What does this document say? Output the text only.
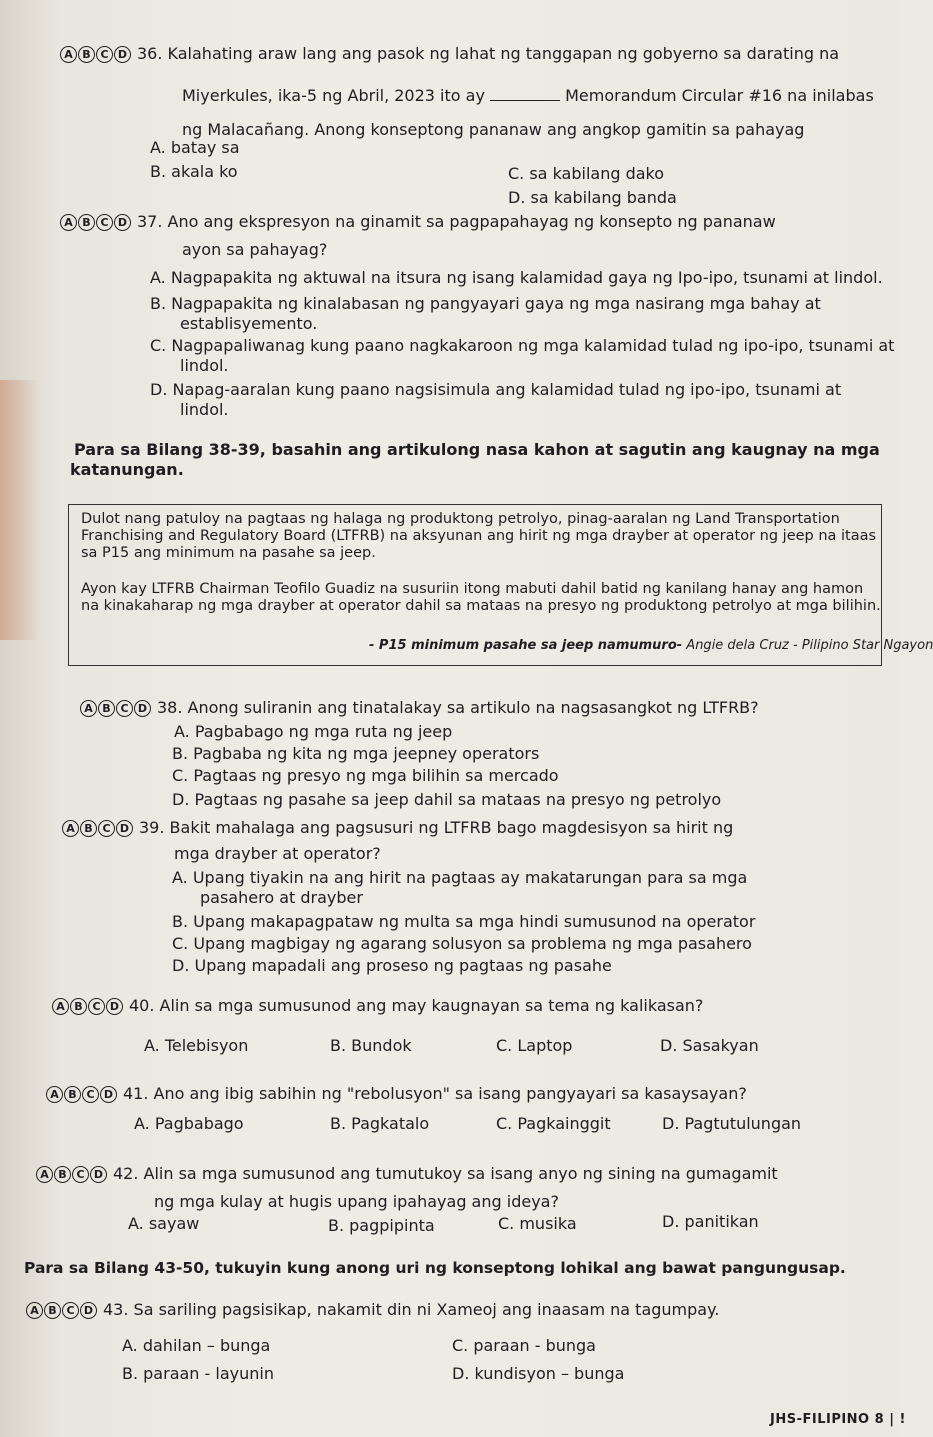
A B C D 36. Kalahating araw lang ang pasok ng lahat ng tanggapan ng gobyerno sa darating na
Miyerkules, ika-5 ng Abril, 2023 ito ay	Memorandum Circular #16 na inilabas
ng Malacañang. Anong konseptong pananaw ang angkop gamitin sa pahayag
A. batay sa
B. akala ko	C. sa kabilang dako
D. sa kabilang banda
A B C D 37. Ano ang ekspresyon na ginamit sa pagpapahayag ng konsepto ng pananaw
ayon sa pahayag?
A. Nagpapakita ng aktuwal na itsura ng isang kalamidad gaya ng Ipo-ipo, tsunami at lindol.
B. Nagpapakita ng kinalabasan ng pangyayari gaya ng mga nasirang mga bahay at
establisyemento.
C. Nagpapaliwanag kung paano nagkakaroon ng mga kalamidad tulad ng ipo-ipo, tsunami at
lindol.
D. Napag-aaralan kung paano nagsisimula ang kalamidad tulad ng ipo-ipo, tsunami at
lindol.
Para sa Bilang 38-39, basahin ang artikulong nasa kahon at sagutin ang kaugnay na mga
katanungan.

Dulot nang patuloy na pagtaas ng halaga ng produktong petrolyo, pinag-aaralan ng Land Transportation

Franchising and Regulatory Board (LTFRB) na aksyunan ang hirit ng mga drayber at operator ng jeep na itaas

sa P15 ang minimum na pasahe sa jeep.

Ayon kay LTFRB Chairman Teofilo Guadiz na susuriin itong mabuti dahil batid ng kanilang hanay ang hamon

na kinakaharap ng mga drayber at operator dahil sa mataas na presyo ng produktong petrolyo at mga bilihin.

- P15 minimum pasahe sa jeep namumuro- Angie dela Cruz - Pilipino Star Ngayon

A B C D 38. Anong suliranin ang tinatalakay sa artikulo na nagsasangkot ng LTFRB?
A. Pagbabago ng mga ruta ng jeep
B. Pagbaba ng kita ng mga jeepney operators
C. Pagtaas ng presyo ng mga bilihin sa mercado
D. Pagtaas ng pasahe sa jeep dahil sa mataas na presyo ng petrolyo
A B C D 39. Bakit mahalaga ang pagsusuri ng LTFRB bago magdesisyon sa hirit ng
mga drayber at operator?
A. Upang tiyakin na ang hirit na pagtaas ay makatarungan para sa mga
pasahero at drayber
B. Upang makapagpataw ng multa sa mga hindi sumusunod na operator
C. Upang magbigay ng agarang solusyon sa problema ng mga pasahero
D. Upang mapadali ang proseso ng pagtaas ng pasahe
A B C D 40. Alin sa mga sumusunod ang may kaugnayan sa tema ng kalikasan?
A. Telebisyon	B. Bundok	C. Laptop	D. Sasakyan
A B C D 41. Ano ang ibig sabihin ng "rebolusyon" sa isang pangyayari sa kasaysayan?
A. Pagbabago	B. Pagkatalo	C. Pagkainggit	D. Pagtutulungan
A B C D 42. Alin sa mga sumusunod ang tumutukoy sa isang anyo ng sining na gumagamit
ng mga kulay at hugis upang ipahayag ang ideya?
A. sayaw	B. pagpipinta	C. musika	D. panitikan
Para sa Bilang 43-50, tukuyin kung anong uri ng konseptong lohikal ang bawat pangungusap.
A B C D 43. Sa sariling pagsisikap, nakamit din ni Xameoj ang inaasam na tagumpay.
A. dahilan – bunga
B. paraan - layunin
C. paraan - bunga
D. kundisyon – bunga
JHS-FILIPINO 8 | !
